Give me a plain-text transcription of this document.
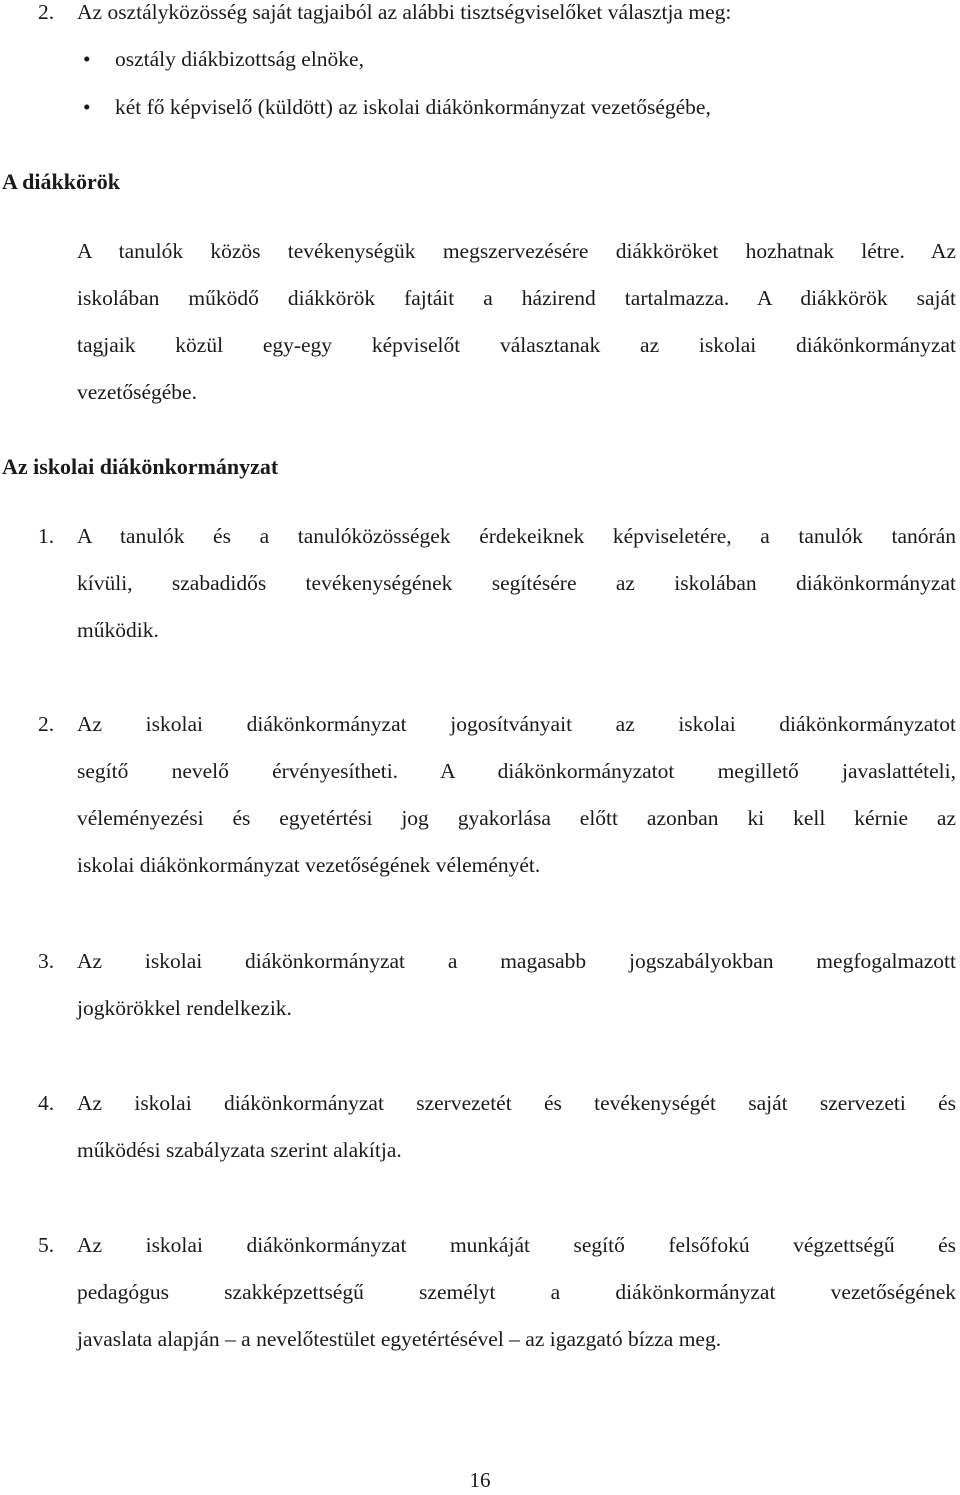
2.	Az osztályközösség saját tagjaiból az alábbi tisztségviselőket választja meg:
• osztály diákbizottság elnöke,
• két fő képviselő (küldött) az iskolai diákönkormányzat vezetőségébe,
A diákkörök
A tanulók közös tevékenységük megszervezésére diákköröket hozhatnak létre. Az
iskolában működő diákkörök fajtáit a házirend tartalmazza. A diákkörök saját
tagjaik közül egy-egy képviselőt választanak az iskolai diákönkormányzat
vezetőségébe.
Az iskolai diákönkormányzat
1.	A tanulók és a tanulóközösségek érdekeiknek képviseletére, a tanulók tanórán
kívüli, szabadidős tevékenységének segítésére az iskolában diákönkormányzat
működik.
2.	Az iskolai diákönkormányzat jogosítványait az iskolai diákönkormányzatot
segítő nevelő érvényesítheti. A diákönkormányzatot megillető javaslattételi,
véleményezési és egyetértési jog gyakorlása előtt azonban ki kell kérnie az
iskolai diákönkormányzat vezetőségének véleményét.
3.	Az iskolai diákönkormányzat a magasabb jogszabályokban megfogalmazott
jogkörökkel rendelkezik.
4.	Az iskolai diákönkormányzat szervezetét és tevékenységét saját szervezeti és
működési szabályzata szerint alakítja.
5.	Az iskolai diákönkormányzat munkáját segítő felsőfokú végzettségű és
pedagógus szakképzettségű személyt a diákönkormányzat vezetőségének
javaslata alapján – a nevelőtestület egyetértésével – az igazgató bízza meg.
16
